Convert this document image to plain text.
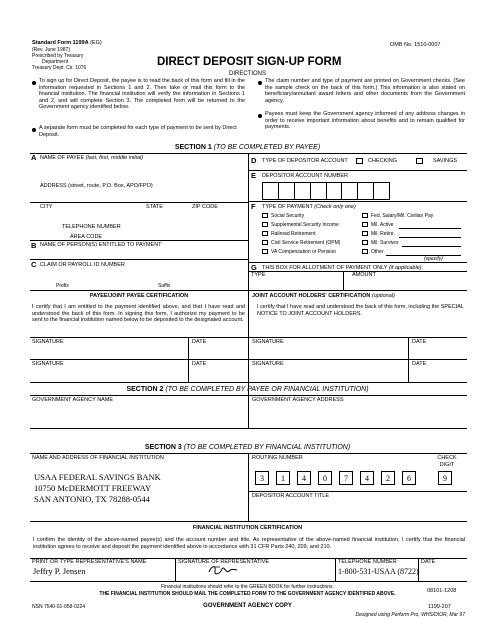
Standard Form 1199A (EG)
(Rev. June 1987)
Prescribed by Treasury
Department
Treasury Dept. Cir. 1076
OMB No. 1510-0007
DIRECT DEPOSIT SIGN-UP FORM
DIRECTIONS
To sign up for Direct Deposit, the payee is to read the back of this form and fill in the information requested in Sections 1 and 2. Then take or mail this form to the financial institution. The financial institution will verify the information in Sections 1 and 2, and will complete Section 3. The completed form will be returned to the Government agency identified below.
A separate form must be completed for each type of payment to be sent by Direct Deposit.
The claim number and type of payment are printed on Government checks. (See the sample check on the back of this form.) This information is also stated on beneficiary/annuitant award letters and other documents from the Government agency.
Payees must keep the Government agency informed of any address changes in order to receive important information about benefits and to remain qualified for payments.
SECTION 1 (TO BE COMPLETED BY PAYEE)
A NAME OF PAYEE (last, first, middle initial)
ADDRESS (street, route, P.O. Box, APO/FPO)
CITY	STATE	ZIP CODE
TELEPHONE NUMBER
AREA CODE
B NAME OF PERSON(S) ENTITLED TO PAYMENT
C CLAIM OR PAYROLL ID NUMBER
Prefix	Suffix
D TYPE OF DEPOSITOR ACCOUNT	CHECKING	SAVINGS
E DEPOSITOR ACCOUNT NUMBER
F TYPE OF PAYMENT (Check only one)
Social Security
Supplemental Security Income
Railroad Retirement
Civil Service Retirement (OPM)
VA Compensation or Pension
Fed. Salary/Mil. Civilian Pay
Mil. Active
Mil. Retire.
Mil. Survivor
Other
(specify)
G THIS BOX FOR ALLOTMENT OF PAYMENT ONLY (if applicable)
TYPE	AMOUNT
PAYEE/JOINT PAYEE CERTIFICATION
I certify that I am entitled to the payment identified above, and that I have read and understood the back of this form. In signing this form, I authorize my payment to be sent to the financial institution named below to be deposited to the designated account.
JOINT ACCOUNT HOLDERS' CERTIFICATION (optional)
I certify that I have read and understood the back of this form, including the SPECIAL NOTICE TO JOINT ACCOUNT HOLDERS.
SIGNATURE	DATE	SIGNATURE	DATE
SIGNATURE	DATE	SIGNATURE	DATE
SECTION 2 (TO BE COMPLETED BY PAYEE OR FINANCIAL INSTITUTION)
GOVERNMENT AGENCY NAME	GOVERNMENT AGENCY ADDRESS
SECTION 3 (TO BE COMPLETED BY FINANCIAL INSTITUTION)
NAME AND ADDRESS OF FINANCIAL INSTITUTION
USAA FEDERAL SAVINGS BANK
10750 McDERMOTT FREEWAY
SAN ANTONIO, TX 78288-0544
ROUTING NUMBER	CHECK
DIGIT
3	1	4	0	7	4	2	6	9
DEPOSITOR ACCOUNT TITLE
FINANCIAL INSTITUTION CERTIFICATION
I confirm the identity of the above-named payee(s) and the account number and title. As representative of the above-named financial institution, I certify that the financial institution agrees to receive and deposit the payment identified above in accordance with 31 CFR Parts 240, 209, and 210.
PRINT OR TYPE REPRESENTATIVE'S NAME
Jeffry P. Jensen
SIGNATURE OF REPRESENTATIVE	TELEPHONE NUMBER
1-800-531-USAA (8722)
DATE
Financial institutions should refer to the GREEN BOOK for further instructions.
THE FINANCIAL INSTITUTION SHOULD MAIL THE COMPLETED FORM TO THE GOVERNMENT AGENCY IDENTIFIED ABOVE.	08101-1208
NSN 7540-01-058-0224	GOVERNMENT AGENCY COPY	1199-207
Designed using Perform Pro, WHS/DIOR, Mar 97
